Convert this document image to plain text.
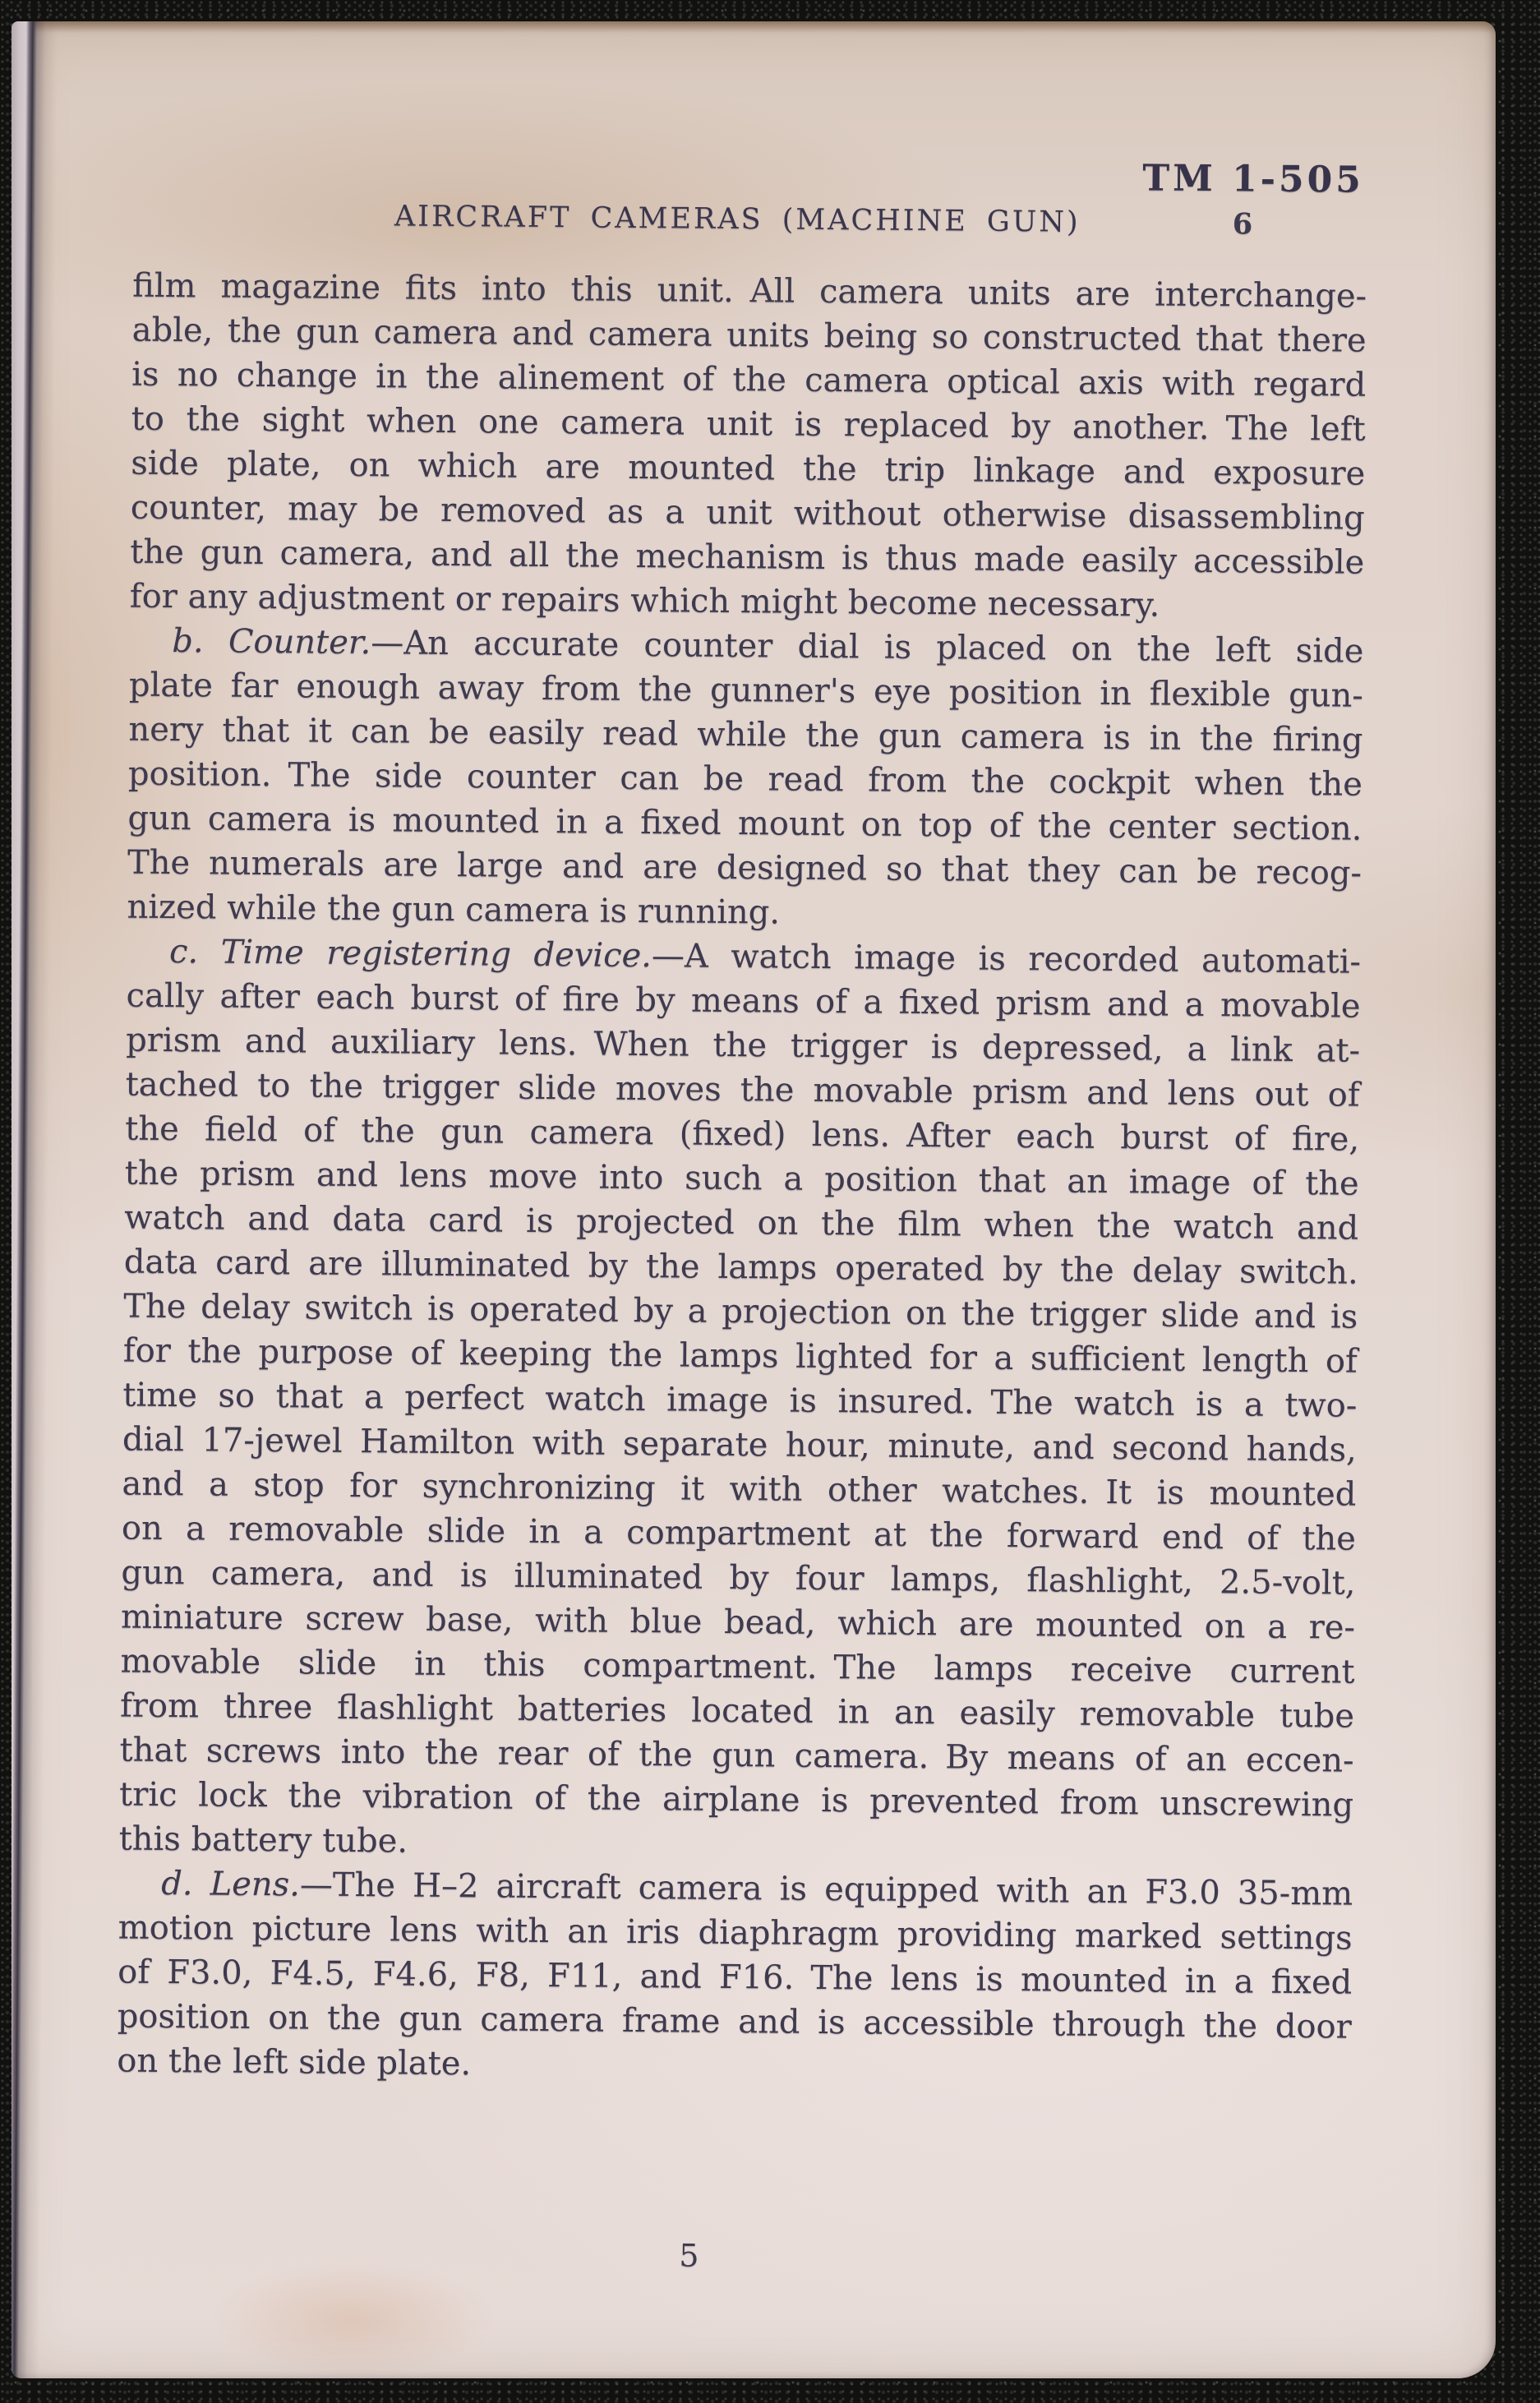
TM 1-505
AIRCRAFT CAMERAS (MACHINE GUN)	6

film magazine fits into this unit. All camera units are interchange-
able, the gun camera and camera units being so constructed that there
is no change in the alinement of the camera optical axis with regard
to the sight when one camera unit is replaced by another. The left
side plate, on which are mounted the trip linkage and exposure
counter, may be removed as a unit without otherwise disassembling
the gun camera, and all the mechanism is thus made easily accessible
for any adjustment or repairs which might become necessary.

b. Counter.—An accurate counter dial is placed on the left side
plate far enough away from the gunner's eye position in flexible gun-
nery that it can be easily read while the gun camera is in the firing
position. The side counter can be read from the cockpit when the
gun camera is mounted in a fixed mount on top of the center section.
The numerals are large and are designed so that they can be recog-
nized while the gun camera is running.

c. Time registering device.—A watch image is recorded automati-
cally after each burst of fire by means of a fixed prism and a movable
prism and auxiliary lens. When the trigger is depressed, a link at-
tached to the trigger slide moves the movable prism and lens out of
the field of the gun camera (fixed) lens. After each burst of fire,
the prism and lens move into such a position that an image of the
watch and data card is projected on the film when the watch and
data card are illuminated by the lamps operated by the delay switch.
The delay switch is operated by a projection on the trigger slide and is
for the purpose of keeping the lamps lighted for a sufficient length of
time so that a perfect watch image is insured. The watch is a two-
dial 17-jewel Hamilton with separate hour, minute, and second hands,
and a stop for synchronizing it with other watches. It is mounted
on a removable slide in a compartment at the forward end of the
gun camera, and is illuminated by four lamps, flashlight, 2.5-volt,
miniature screw base, with blue bead, which are mounted on a re-
movable slide in this compartment. The lamps receive current
from three flashlight batteries located in an easily removable tube
that screws into the rear of the gun camera. By means of an eccen-
tric lock the vibration of the airplane is prevented from unscrewing
this battery tube.

d. Lens.—The H–2 aircraft camera is equipped with an F3.0 35-mm
motion picture lens with an iris diaphragm providing marked settings
of F3.0, F4.5, F4.6, F8, F11, and F16. The lens is mounted in a fixed
position on the gun camera frame and is accessible through the door
on the left side plate.

5
